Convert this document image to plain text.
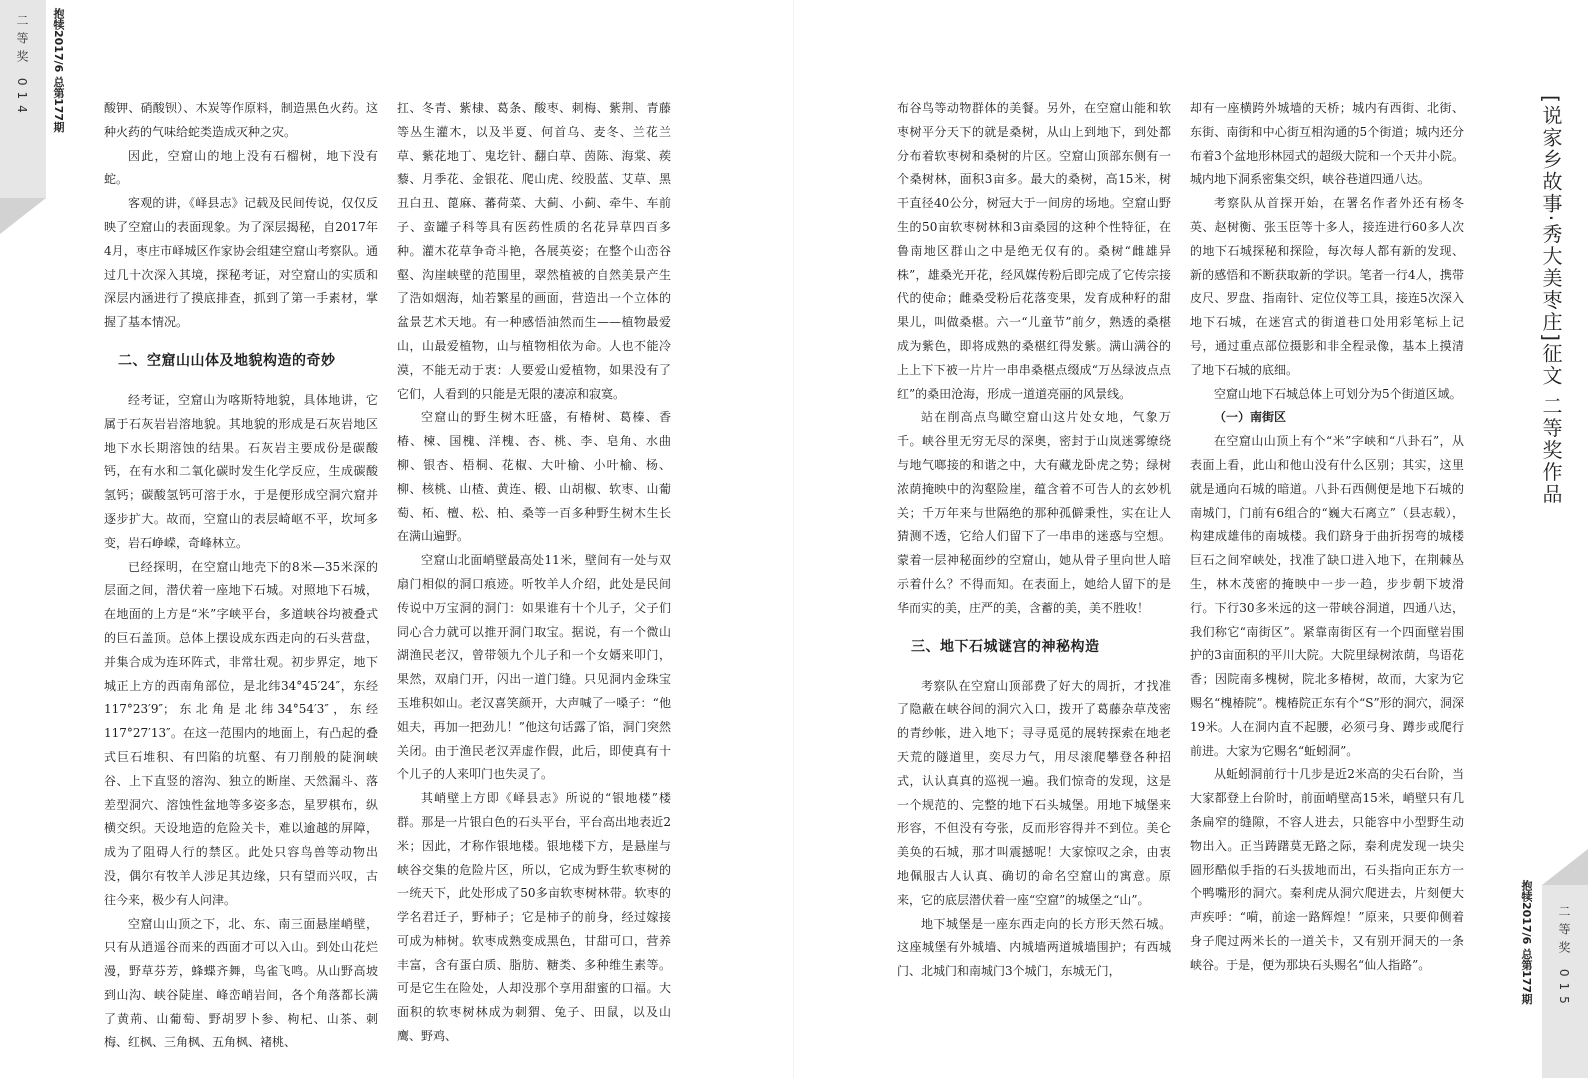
二等奖 014 抱犊2017/6 总第177期	酸钾、硝酸钡）、木炭等作原料，制造黑色火药。这种火药的气味给蛇类造成灭种之灾。

因此，空窟山的地上没有石榴树，地下没有蛇。

客观的讲，《峄县志》记载及民间传说，仅仅反映了空窟山的表面现象。为了深层揭秘，自2017年4月，枣庄市峄城区作家协会组建空窟山考察队。通过几十次深入其境，探秘考证，对空窟山的实质和深层内涵进行了摸底排查，抓到了第一手素材，掌握了基本情况。

二、空窟山山体及地貌构造的奇妙

经考证，空窟山为喀斯特地貌，具体地讲，它属于石灰岩岩溶地貌。其地貌的形成是石灰岩地区地下水长期溶蚀的结果。石灰岩主要成份是碳酸钙，在有水和二氧化碳时发生化学反应，生成碳酸氢钙；碳酸氢钙可溶于水，于是便形成空洞穴窟并逐步扩大。故而，空窟山的表层崎岖不平，坎坷多变，岩石峥嵘，奇峰林立。

已经探明，在空窟山地壳下的8米—35米深的层面之间，潜伏着一座地下石城。对照地下石城，在地面的上方是“米”字峡平台，多道峡谷均被叠式的巨石盖顶。总体上摆设成东西走向的石头营盘，并集合成为连环阵式，非常壮观。初步界定，地下城正上方的西南角部位，是北纬34°45′24″，东经117°23′9″；东北角是北纬34°54′3″，东经117°27′13″。在这一范围内的地面上，有凸起的叠式巨石堆积、有凹陷的坑壑、有刀削般的陡涧峡谷、上下直竖的溶沟、独立的断崖、天然漏斗、落差型洞穴、溶蚀性盆地等多姿多态，星罗棋布，纵横交织。天设地造的危险关卡，难以逾越的屏障，成为了阻碍人行的禁区。此处只容鸟兽等动物出没，偶尔有牧羊人涉足其边缘，只有望而兴叹，古往今来，极少有人问津。

空窟山山顶之下，北、东、南三面悬崖峭壁，只有从逍遥谷而来的西面才可以入山。到处山花烂漫，野草芬芳，蜂蝶齐舞，鸟雀飞鸣。从山野高坡到山沟、峡谷陡崖、峰峦峭岩间，各个角落都长满了黄荊、山葡萄、野胡罗卜参、枸杞、山茶、刺梅、红枫、三角枫、五角枫、褚桃、

扛、冬青、紫棣、葛条、酸枣、刺梅、紫荆、青藤等丛生灌木，以及半夏、何首乌、麦冬、兰花兰草、紫花地丁、鬼圪针、翻白草、茵陈、海棠、蒺藜、月季花、金银花、爬山虎、绞股蓝、艾草、黑丑白丑、蓖麻、蕃荷菜、大蓟、小蓟、牵牛、车前子、蛮罐子科等具有医药性质的名花异草四百多种。灌木花草争奇斗艳，各展英姿；在整个山峦谷壑、沟崖峡壁的范围里，翠然植被的自然美景产生了浩如烟海，灿若繁星的画面，营造出一个立体的盆景艺术天地。有一种感悟油然而生——植物最爱山，山最爱植物，山与植物相依为命。人也不能冷漠，不能无动于衷：人要爱山爱植物，如果没有了它们，人看到的只能是无限的凄凉和寂寞。

空窟山的野生树木旺盛，有椿树、葛榛、香椿、楝、国槐、洋槐、杏、桃、李、皂角、水曲柳、银杏、梧桐、花椒、大叶榆、小叶榆、杨、柳、核桃、山楂、黄连、椴、山胡椒、软枣、山葡萄、柘、檀、松、柏、桑等一百多种野生树木生长在满山遍野。

空窟山北面峭壁最高处11米，壁间有一处与双扇门相似的洞口痕迹。听牧羊人介绍，此处是民间传说中万宝洞的洞门：如果谁有十个儿子，父子们同心合力就可以推开洞门取宝。据说，有一个微山湖渔民老汉，曾带领九个儿子和一个女婿来叩门，果然，双扇门开，闪出一道门缝。只见洞内金珠宝玉堆积如山。老汉喜笑颜开，大声喊了一嗓子：“他姐夫，再加一把劲儿！”他这句话露了馅，洞门突然关闭。由于渔民老汉弄虚作假，此后，即使真有十个儿子的人来叩门也失灵了。

其峭壁上方即《峄县志》所说的“银地楼”楼群。那是一片银白色的石头平台，平台高出地表近2米；因此，才称作银地楼。银地楼下方，是悬崖与峡谷交集的危险片区，所以，它成为野生软枣树的一统天下，此处形成了50多亩软枣树林带。软枣的学名君迁子，野柿子；它是柿子的前身，经过嫁接可成为柿树。软枣成熟变成黑色，甘甜可口，营养丰富，含有蛋白质、脂肪、糖类、多种维生素等。可是它生在险处，人却没那个享用甜蜜的口福。大面积的软枣树林成为刺猬、兔子、田鼠，以及山鹰、野鸡、

布谷鸟等动物群体的美餐。另外，在空窟山能和软枣树平分天下的就是桑树，从山上到地下，到处都分布着软枣树和桑树的片区。空窟山顶部东侧有一个桑树林，面积3亩多。最大的桑树，高15米，树干直径40公分，树冠大于一间房的场地。空窟山野生的50亩软枣树林和3亩桑园的这种个性特征，在鲁南地区群山之中是绝无仅有的。桑树“雌雄异株”，雄桑光开花，经风媒传粉后即完成了它传宗接代的使命；雌桑受粉后花落变果，发育成种籽的甜果儿，叫做桑椹。六一“儿童节”前夕，熟透的桑椹成为紫色，即将成熟的桑椹红得发紫。满山满谷的上上下下被一片片一串串桑椹点缀成“万丛绿波点点红”的桑田沧海，形成一道道亮丽的风景线。

站在削高点鸟瞰空窟山这片处女地，气象万千。峡谷里无穷无尽的深奥，密封于山岚迷雾缭绕与地气啷接的和谐之中，大有藏龙卧虎之势；绿树浓荫掩映中的沟壑险崖，蕴含着不可告人的玄妙机关；千万年来与世隔绝的那种孤僻秉性，实在让人猜测不透，它给人们留下了一串串的迷惑与空想。蒙着一层神秘面纱的空窟山，她从骨子里向世人暗示着什么？不得而知。在表面上，她给人留下的是华而实的美，庄严的美，含蓄的美，美不胜收！

三、地下石城谜宫的神秘构造

考察队在空窟山顶部费了好大的周折，才找准了隐蔽在峡谷间的洞穴入口，拨开了葛藤杂草茂密的青纱帐，进入地下；寻寻觅觅的展转探索在地老天荒的隧道里，奕尽力气，用尽滚爬攀登各种招式，认认真真的巡视一遍。我们惊奇的发现，这是一个规范的、完整的地下石头城堡。用地下城堡来形容，不但没有夸张，反而形容得并不到位。美仑美奂的石城，那才叫震撼呢！大家惊叹之余，由衷地佩服古人认真、确切的命名空窟山的寓意。原来，它的底层潜伏着一座“空窟”的城堡之“山”。

地下城堡是一座东西走向的长方形天然石城。这座城堡有外城墙、内城墙两道城墙围护；有西城门、北城门和南城门3个城门，东城无门，

却有一座横跨外城墙的天桥；城内有西街、北街、东街、南街和中心街互相沟通的5个街道；城内还分布着3个盆地形林园式的超级大院和一个天井小院。城内地下洞系密集交织，峡谷巷道四通八达。

考察队从首探开始，在署名作者外还有杨冬英、赵树衡、张玉臣等十多人，接连进行60多人次的地下石城探秘和探险，每次每人都有新的发现、新的感悟和不断获取新的学识。笔者一行4人，携带皮尺、罗盘、指南针、定位仪等工具，接连5次深入地下石城，在迷宫式的街道巷口处用彩笔标上记号，通过重点部位摄影和非全程录像，基本上摸清了地下石城的底细。

空窟山地下石城总体上可划分为5个街道区域。

（一）南街区

在空窟山山顶上有个“米”字峡和“八卦石”，从表面上看，此山和他山没有什么区别；其实，这里就是通向石城的暗道。八卦石西侧便是地下石城的南城门，门前有6组合的“巍大石离立”（县志载），构建成雄伟的南城楼。我们跻身于曲折拐弯的城楼巨石之间窄峡处，找准了缺口进入地下，在荆棘丛生，林木茂密的掩映中一步一趋，步步朝下坡滑行。下行30多米远的这一带峡谷洞道，四通八达，我们称它“南街区”。紧靠南街区有一个四面壁岩围护的3亩面积的平川大院。大院里绿树浓荫，鸟语花香；因院南多槐树，院北多椿树，故而，大家为它赐名“槐椿院”。槐椿院正东有个“S”形的洞穴，洞深19米。人在洞内直不起腰，必须弓身、蹲步或爬行前进。大家为它赐名“蚯蚓洞”。

从蚯蚓洞前行十几步是近2米高的尖石台阶，当大家都登上台阶时，前面峭壁高15米，峭壁只有几条扁窄的缝隙，不容人进去，只能容中小型野生动物出入。正当踌躇莫无路之际，秦利虎发现一块尖圆形酷似手指的石头拔地而出，石头指向正东方一个鸭嘴形的洞穴。秦利虎从洞穴爬进去，片刻便大声疾呼：“嗬，前途一路辉煌！”原来，只要仰侧着身子爬过两米长的一道关卡，又有别开洞天的一条峡谷。于是，便为那块石头赐名“仙人指路”。

[说家乡故事·秀大美枣庄]征文 二等奖作品
抱犊2017/6 总第177期 二等奖 015
